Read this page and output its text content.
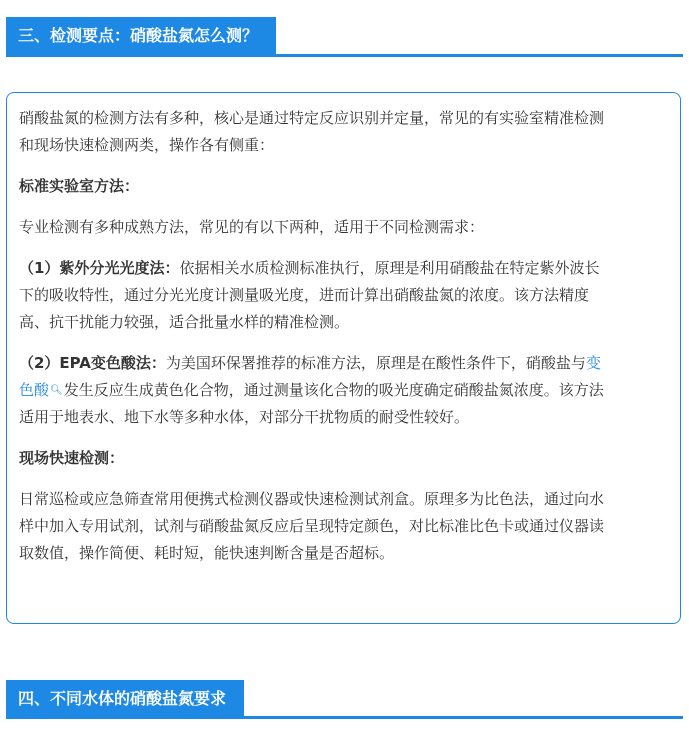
三、检测要点：硝酸盐氮怎么测？

硝酸盐氮的检测方法有多种，核心是通过特定反应识别并定量，常见的有实验室精准检测

和现场快速检测两类，操作各有侧重：

标准实验室方法：

专业检测有多种成熟方法，常见的有以下两种，适用于不同检测需求：

（1）紫外分光光度法：依据相关水质检测标准执行，原理是利用硝酸盐在特定紫外波长

下的吸收特性，通过分光光度计测量吸光度，进而计算出硝酸盐氮的浓度。该方法精度

高、抗干扰能力较强，适合批量水样的精准检测。

（2）EPA变色酸法：为美国环保署推荐的标准方法，原理是在酸性条件下，硝酸盐与变

色酸🔍︎发生反应生成黄色化合物，通过测量该化合物的吸光度确定硝酸盐氮浓度。该方法

适用于地表水、地下水等多种水体，对部分干扰物质的耐受性较好。

现场快速检测：

日常巡检或应急筛查常用便携式检测仪器或快速检测试剂盒。原理多为比色法，通过向水

样中加入专用试剂，试剂与硝酸盐氮反应后呈现特定颜色，对比标准比色卡或通过仪器读

取数值，操作简便、耗时短，能快速判断含量是否超标。

四、不同水体的硝酸盐氮要求
